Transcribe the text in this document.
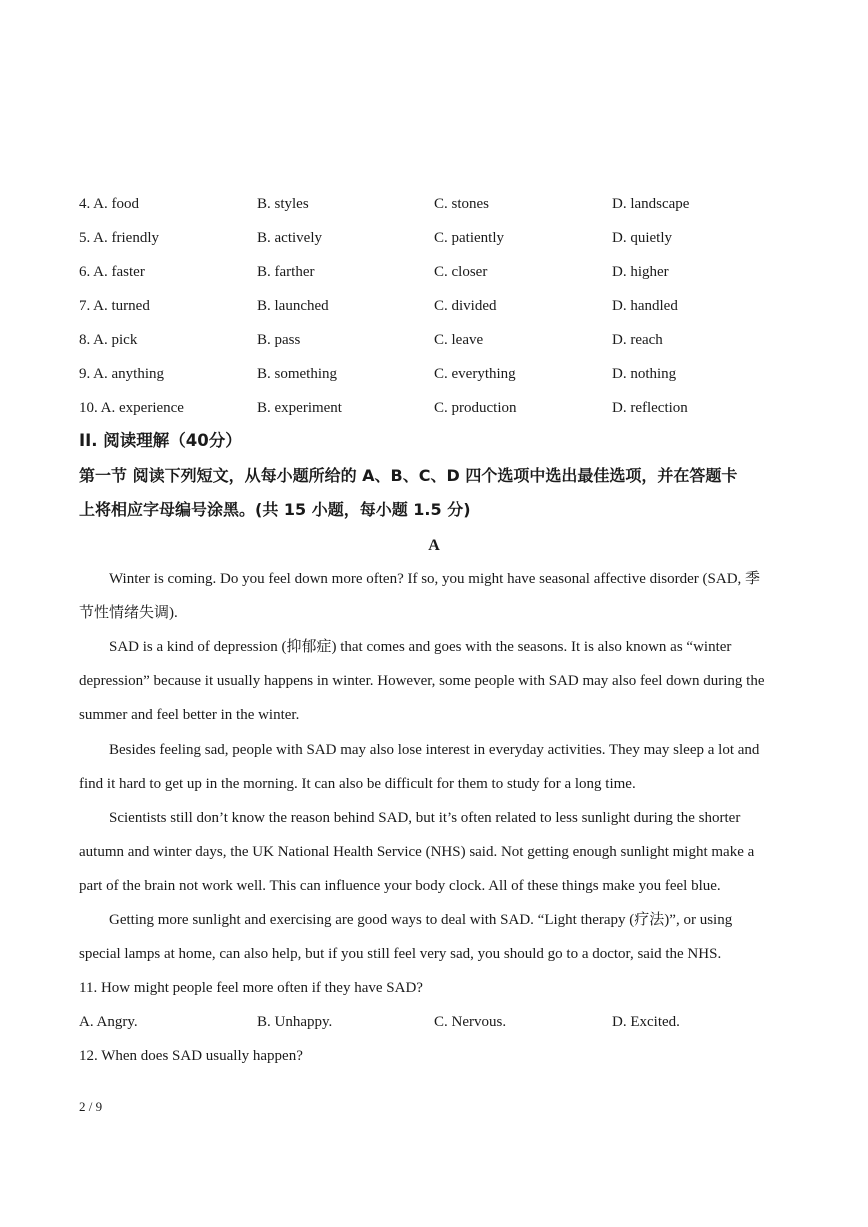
4. A. food	B. styles	C. stones	D. landscape
5. A. friendly	B. actively	C. patiently	D. quietly
6. A. faster	B. farther	C. closer	D. higher
7. A. turned	B. launched	C. divided	D. handled
8. A. pick	B. pass	C. leave	D. reach
9. A. anything	B. something	C. everything	D. nothing
10. A. experience	B. experiment	C. production	D. reflection
II. 阅读理解（40分）
第一节 阅读下列短文，从每小题所给的 A、B、C、D 四个选项中选出最佳选项，并在答题卡
上将相应字母编号涂黑。(共 15 小题，每小题 1.5 分)
A
Winter is coming. Do you feel down more often? If so, you might have seasonal affective disorder (SAD, 季
节性情绪失调).
SAD is a kind of depression (抑郁症) that comes and goes with the seasons. It is also known as “winter
depression” because it usually happens in winter. However, some people with SAD may also feel down during the
summer and feel better in the winter.
Besides feeling sad, people with SAD may also lose interest in everyday activities. They may sleep a lot and
find it hard to get up in the morning. It can also be difficult for them to study for a long time.
Scientists still don’t know the reason behind SAD, but it’s often related to less sunlight during the shorter
autumn and winter days, the UK National Health Service (NHS) said. Not getting enough sunlight might make a
part of the brain not work well. This can influence your body clock. All of these things make you feel blue.
Getting more sunlight and exercising are good ways to deal with SAD. “Light therapy (疗法)”, or using
special lamps at home, can also help, but if you still feel very sad, you should go to a doctor, said the NHS.
11. How might people feel more often if they have SAD?
A. Angry.	B. Unhappy.	C. Nervous.	D. Excited.
12. When does SAD usually happen?
2 / 9
